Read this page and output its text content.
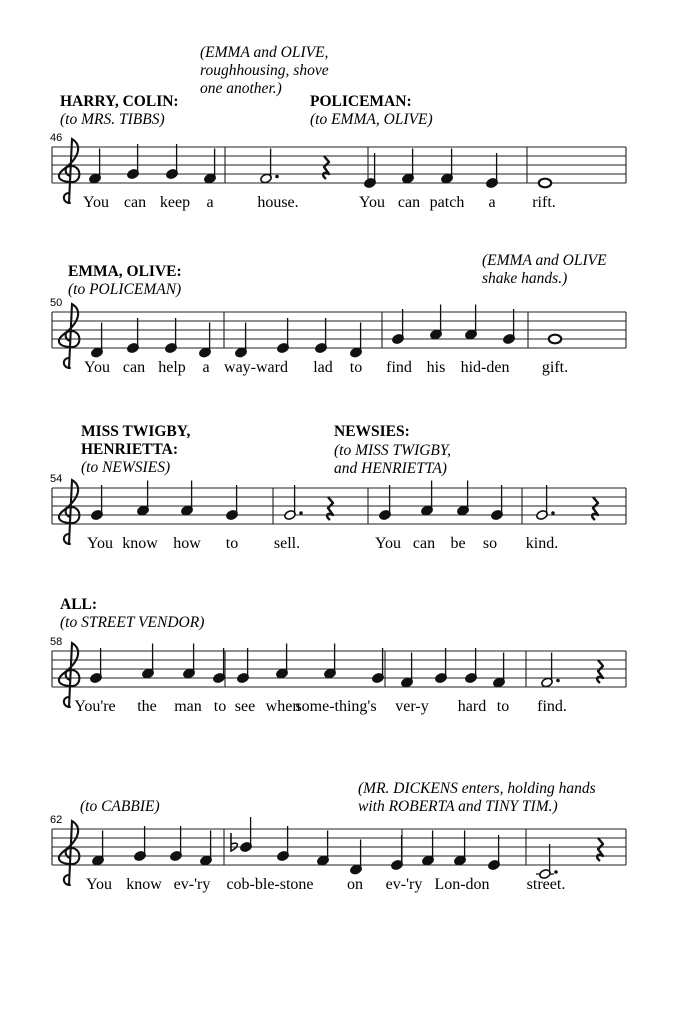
46
You can keep a	house.	You can patch a rift.
(EMMA and OLIVE,
roughhousing, shove
one another.)
HARRY, COLIN:
(to MRS. TIBBS)
POLICEMAN:
(to EMMA, OLIVE)
50
You can help a way-ward lad to find his hid-den gift.
EMMA, OLIVE:
(to POLICEMAN)
(EMMA and OLIVE
shake hands.)
54
You know how to sell.	You can be so kind.
MISS TWIGBY,
HENRIETTA:
(to NEWSIES)
NEWSIES:
(to MISS TWIGBY,
and HENRIETTA)
58
You're the man to see when
some-thing's ver-y hard to find.
ALL:
(to STREET VENDOR)
62
You know ev-'ry cob-ble-stone on ev-'ry Lon-don street.
(to CABBIE)
(MR. DICKENS enters, holding hands
with ROBERTA and TINY TIM.)
